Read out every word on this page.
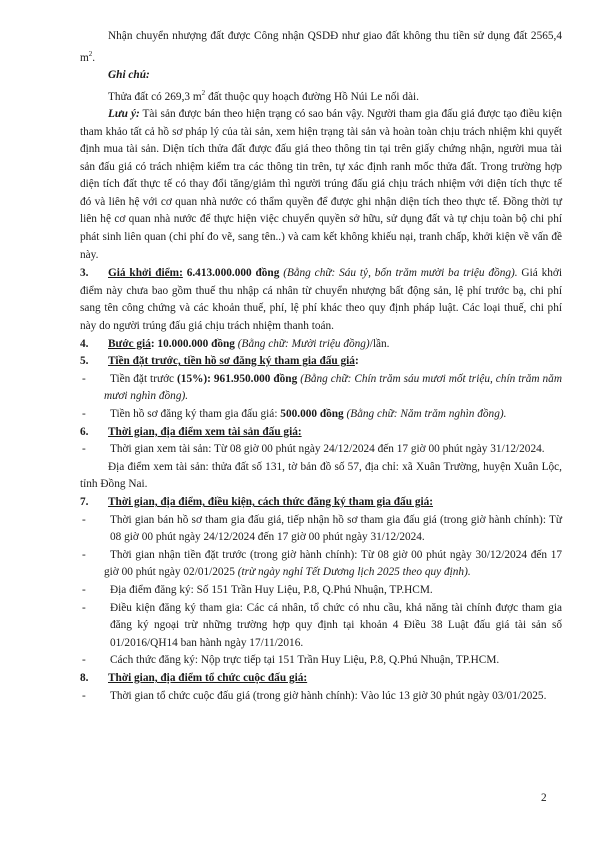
Nhận chuyển nhượng đất được Công nhận QSDĐ như giao đất không thu tiền sử dụng đất 2565,4 $m^2$.

Ghi chú:

Thửa đất có 269,3 $m^2$ đất thuộc quy hoạch đường Hồ Núi Le nối dài.

Lưu ý: Tài sản được bán theo hiện trạng có sao bán vậy. Người tham gia đấu giá được tạo điều kiện tham khảo tất cả hồ sơ pháp lý của tài sản, xem hiện trạng tài sản và hoàn toàn chịu trách nhiệm khi quyết định mua tài sản. Diện tích thửa đất được đấu giá theo thông tin tại trên giấy chứng nhận, người mua tài sản đấu giá có trách nhiệm kiểm tra các thông tin trên, tự xác định ranh mốc thửa đất. Trong trường hợp diện tích đất thực tế có thay đổi tăng/giảm thì người trúng đấu giá chịu trách nhiệm với diện tích thực tế đó và liên hệ với cơ quan nhà nước có thẩm quyền để được ghi nhận diện tích theo thực tế. Đồng thời tự liên hệ cơ quan nhà nước để thực hiện việc chuyển quyền sở hữu, sử dụng đất và tự chịu toàn bộ chi phí phát sinh liên quan (chi phí đo vẽ, sang tên..) và cam kết không khiếu nại, tranh chấp, khởi kiện về vấn đề này.

3. Giá khởi điểm: 6.413.000.000 đồng (Bằng chữ: Sáu tỷ, bốn trăm mười ba triệu đồng). Giá khởi điểm này chưa bao gồm thuế thu nhập cá nhân từ chuyển nhượng bất động sản, lệ phí trước bạ, chi phí sang tên công chứng và các khoản thuế, phí, lệ phí khác theo quy định pháp luật. Các loại thuế, chi phí này do người trúng đấu giá chịu trách nhiệm thanh toán.

4. Bước giá: 10.000.000 đồng (Bằng chữ: Mười triệu đồng)/lần.

5. Tiền đặt trước, tiền hồ sơ đăng ký tham gia đấu giá:

-	Tiền đặt trước (15%): 961.950.000 đồng (Bằng chữ: Chín trăm sáu mươi mốt triệu, chín trăm năm mươi nghìn đồng).
-	Tiền hồ sơ đăng ký tham gia đấu giá: 500.000 đồng (Bằng chữ: Năm trăm nghìn đồng).

6. Thời gian, địa điểm xem tài sản đấu giá:

-	Thời gian xem tài sản: Từ 08 giờ 00 phút ngày 24/12/2024 đến 17 giờ 00 phút ngày 31/12/2024.

Địa điểm xem tài sản: thửa đất số 131, tờ bản đồ số 57, địa chỉ: xã Xuân Trường, huyện Xuân Lộc, tỉnh Đồng Nai.

7. Thời gian, địa điểm, điều kiện, cách thức đăng ký tham gia đấu giá:

-	Thời gian bán hồ sơ tham gia đấu giá, tiếp nhận hồ sơ tham gia đấu giá (trong giờ hành chính): Từ 08 giờ 00 phút ngày 24/12/2024 đến 17 giờ 00 phút ngày 31/12/2024.
-	Thời gian nhận tiền đặt trước (trong giờ hành chính): Từ 08 giờ 00 phút ngày 30/12/2024 đến 17 giờ 00 phút ngày 02/01/2025 (trừ ngày nghỉ Tết Dương lịch 2025 theo quy định).
-	Địa điểm đăng ký: Số 151 Trần Huy Liệu, P.8, Q.Phú Nhuận, TP.HCM.
-	Điều kiện đăng ký tham gia: Các cá nhân, tổ chức có nhu cầu, khả năng tài chính được tham gia đăng ký ngoại trừ những trường hợp quy định tại khoản 4 Điều 38 Luật đấu giá tài sản số 01/2016/QH14 ban hành ngày 17/11/2016.
-	Cách thức đăng ký: Nộp trực tiếp tại 151 Trần Huy Liệu, P.8, Q.Phú Nhuận, TP.HCM.

8. Thời gian, địa điểm tổ chức cuộc đấu giá:

-	Thời gian tổ chức cuộc đấu giá (trong giờ hành chính): Vào lúc 13 giờ 30 phút ngày 03/01/2025.
2
